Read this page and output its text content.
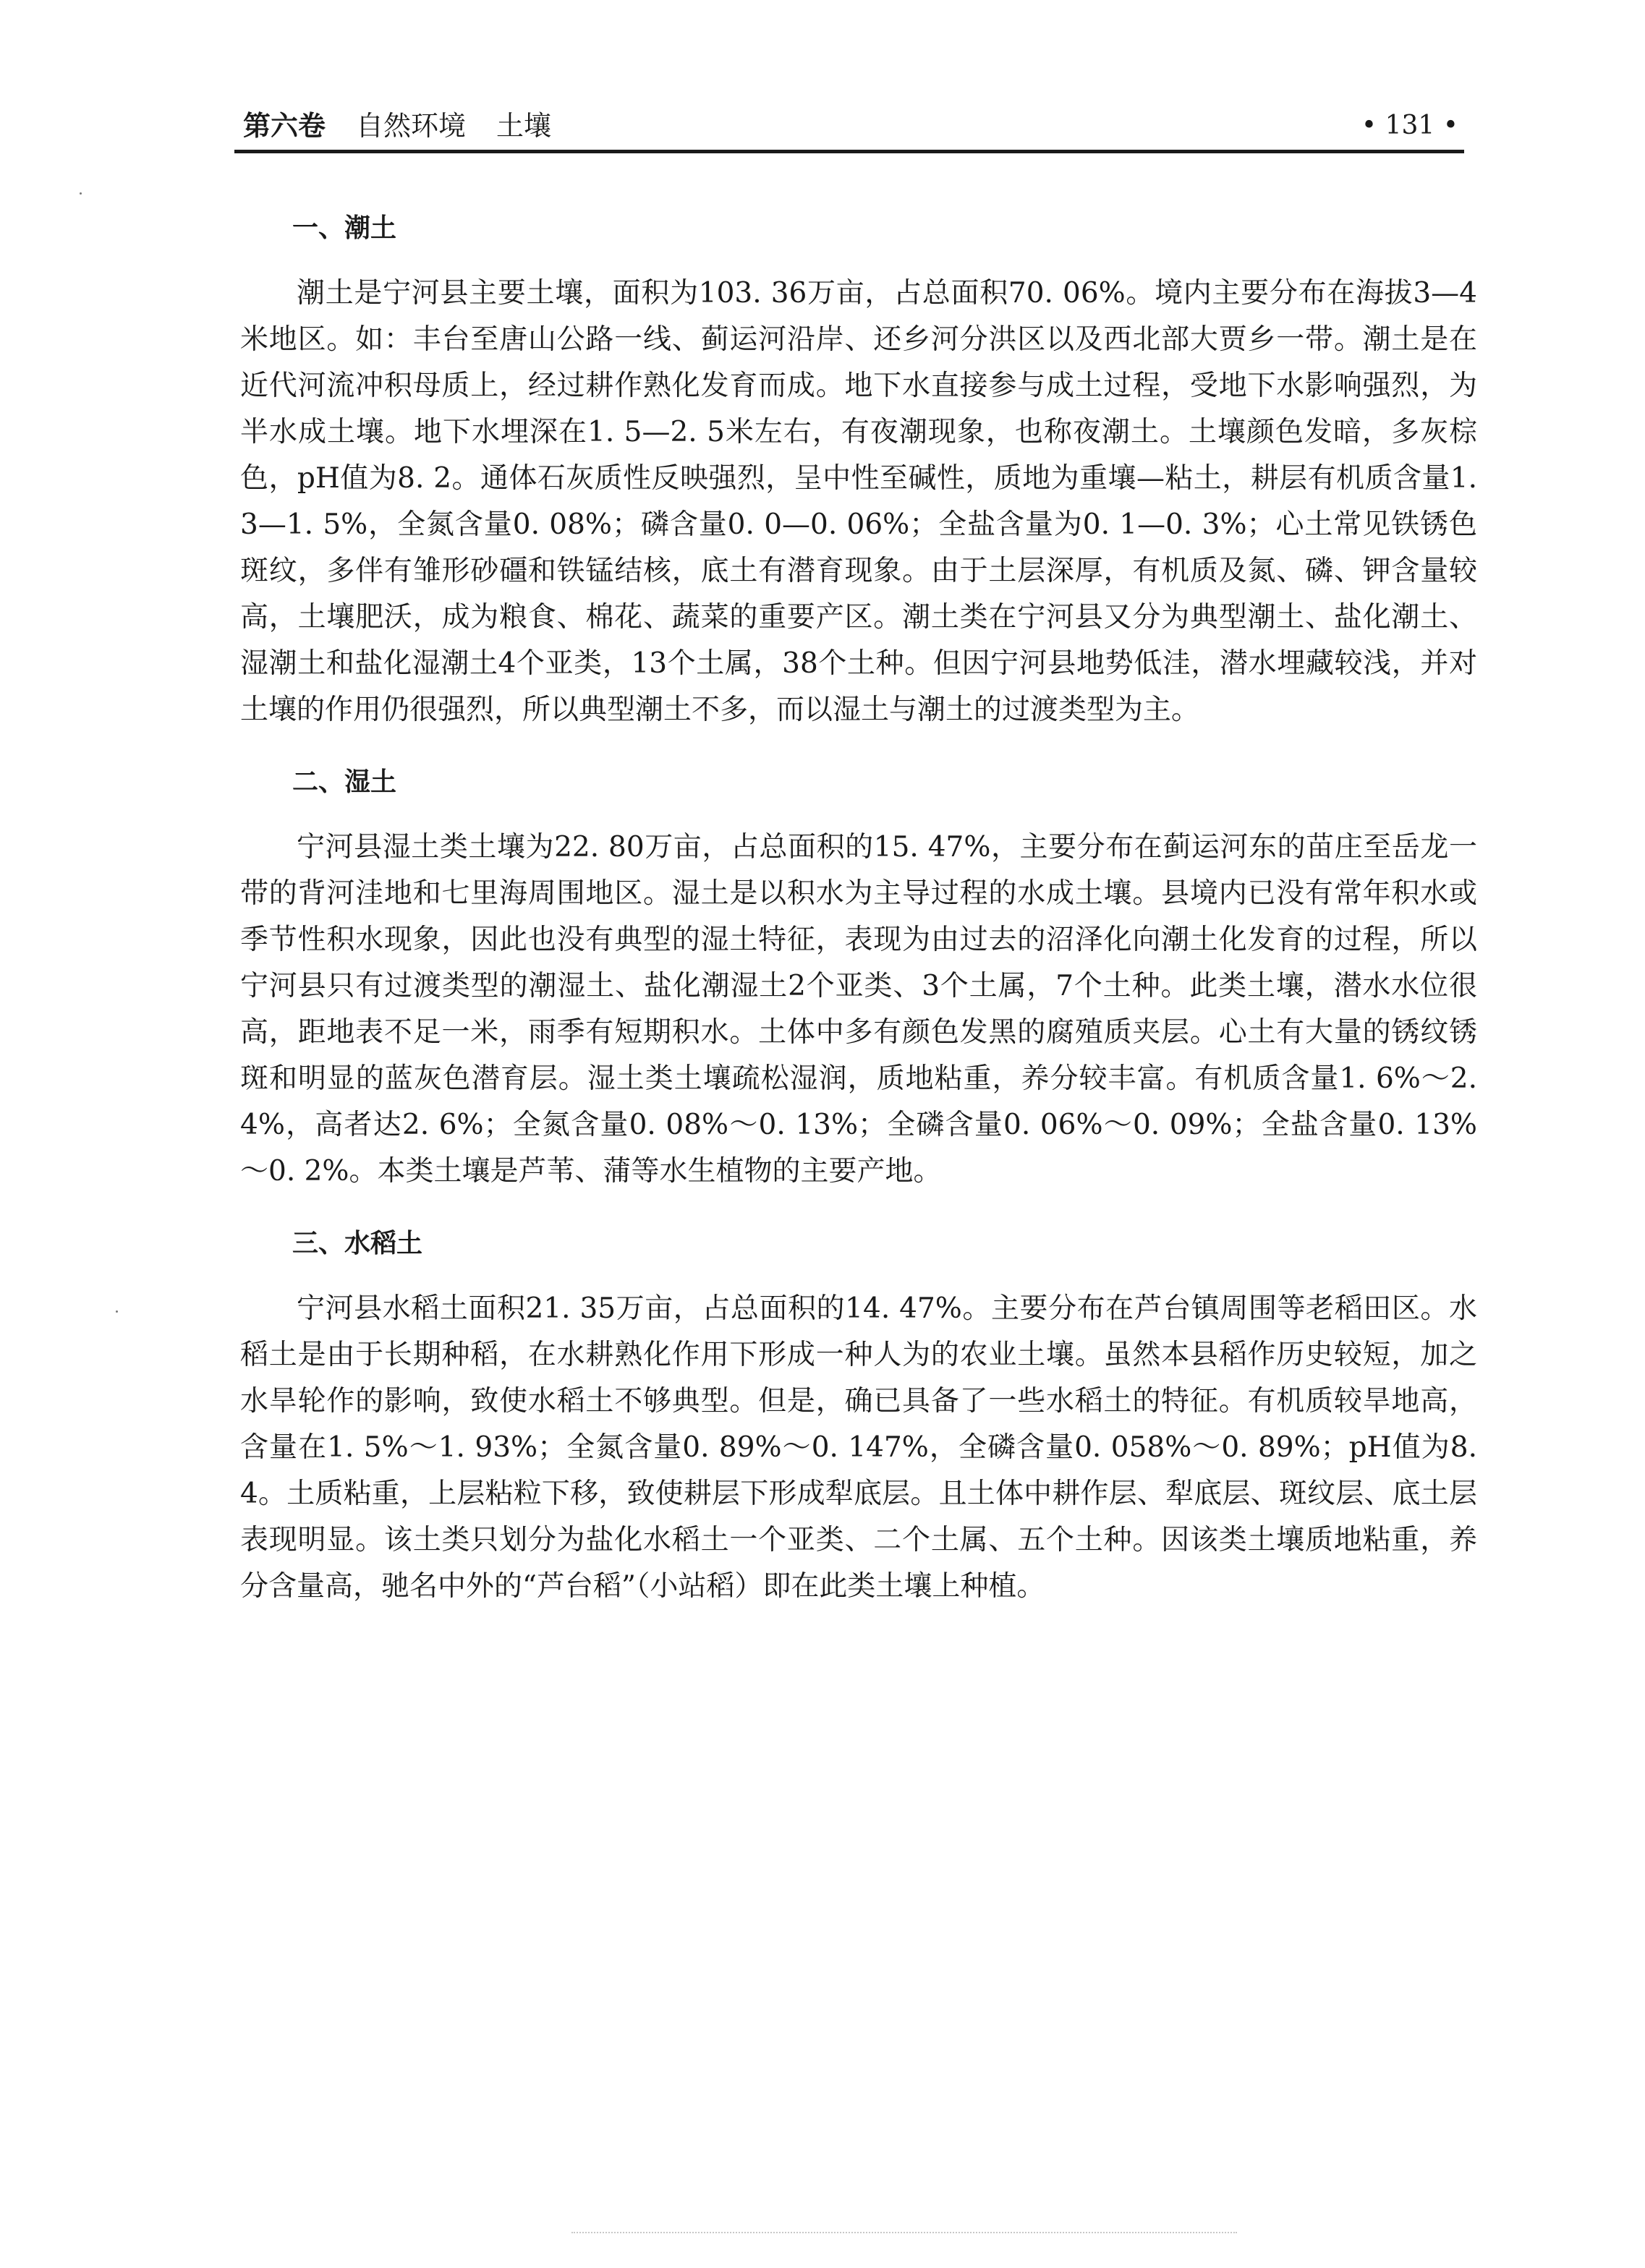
第六卷 自然环境 土壤	• 131 •
一、潮土

潮土是宁河县主要土壤，面积为103. 36万亩，占总面积70. 06%。境内主要分布在海拔3—4米地区。如：丰台至唐山公路一线、蓟运河沿岸、还乡河分洪区以及西北部大贾乡一带。潮土是在近代河流冲积母质上，经过耕作熟化发育而成。地下水直接参与成土过程，受地下水影响强烈，为半水成土壤。地下水埋深在1. 5—2. 5米左右，有夜潮现象，也称夜潮土。土壤颜色发暗，多灰棕色，pH值为8. 2。通体石灰质性反映强烈，呈中性至碱性，质地为重壤—粘土，耕层有机质含量1. 3—1. 5%，全氮含量0. 08%；磷含量0. 0—0. 06%；全盐含量为0. 1—0. 3%；心土常见铁锈色斑纹，多伴有雏形砂礓和铁锰结核，底土有潜育现象。由于土层深厚，有机质及氮、磷、钾含量较高，土壤肥沃，成为粮食、棉花、蔬菜的重要产区。潮土类在宁河县又分为典型潮土、盐化潮土、湿潮土和盐化湿潮土4个亚类，13个土属，38个土种。但因宁河县地势低洼，潜水埋藏较浅，并对土壤的作用仍很强烈，所以典型潮土不多，而以湿土与潮土的过渡类型为主。

二、湿土

宁河县湿土类土壤为22. 80万亩，占总面积的15. 47%，主要分布在蓟运河东的苗庄至岳龙一带的背河洼地和七里海周围地区。湿土是以积水为主导过程的水成土壤。县境内已没有常年积水或季节性积水现象，因此也没有典型的湿土特征，表现为由过去的沼泽化向潮土化发育的过程，所以宁河县只有过渡类型的潮湿土、盐化潮湿土2个亚类、3个土属，7个土种。此类土壤，潜水水位很高，距地表不足一米，雨季有短期积水。土体中多有颜色发黑的腐殖质夹层。心土有大量的锈纹锈斑和明显的蓝灰色潜育层。湿土类土壤疏松湿润，质地粘重，养分较丰富。有机质含量1. 6%～2. 4%，高者达2. 6%；全氮含量0. 08%～0. 13%；全磷含量0. 06%～0. 09%；全盐含量0. 13%～0. 2%。本类土壤是芦苇、蒲等水生植物的主要产地。

三、水稻土

宁河县水稻土面积21. 35万亩，占总面积的14. 47%。主要分布在芦台镇周围等老稻田区。水稻土是由于长期种稻，在水耕熟化作用下形成一种人为的农业土壤。虽然本县稻作历史较短，加之水旱轮作的影响，致使水稻土不够典型。但是，确已具备了一些水稻土的特征。有机质较旱地高，含量在1. 5%～1. 93%；全氮含量0. 89%～0. 147%，全磷含量0. 058%～0. 89%；pH值为8. 4。土质粘重，上层粘粒下移，致使耕层下形成犁底层。且土体中耕作层、犁底层、斑纹层、底土层表现明显。该土类只划分为盐化水稻土一个亚类、二个土属、五个土种。因该类土壤质地粘重，养分含量高，驰名中外的“芦台稻”（小站稻）即在此类土壤上种植。
